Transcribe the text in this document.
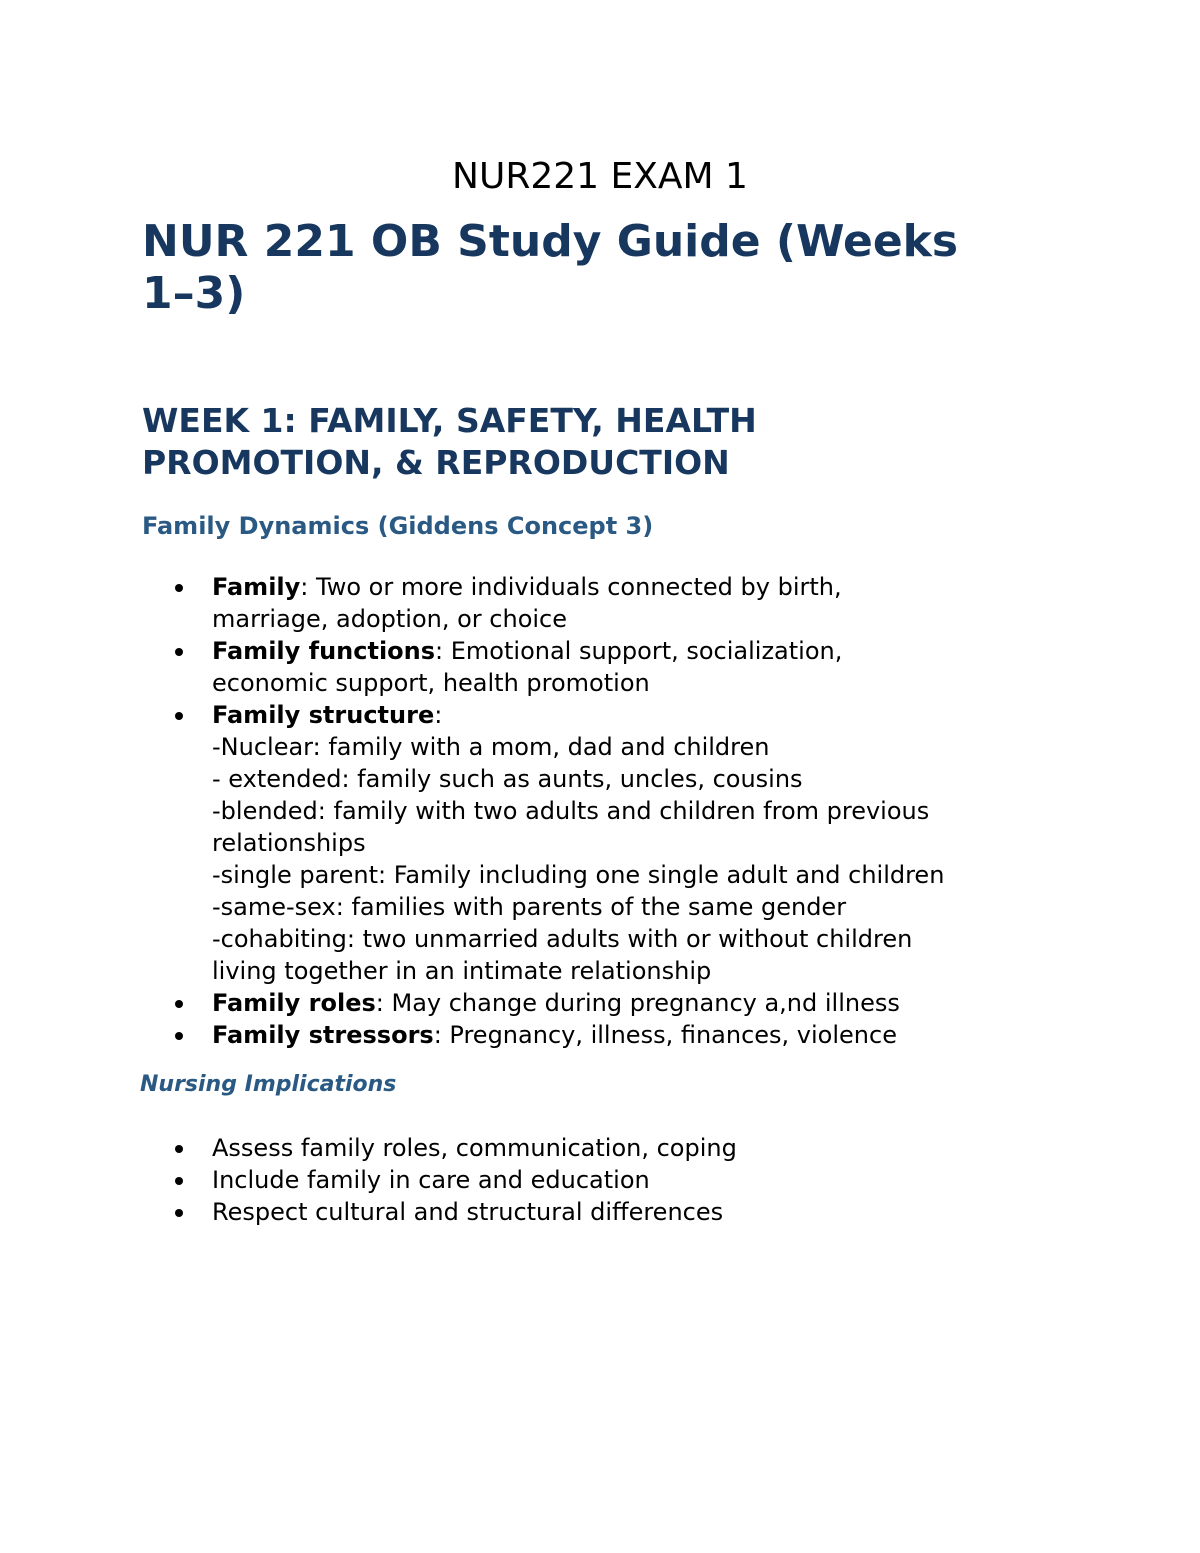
NUR221 EXAM 1
NUR 221 OB Study Guide (Weeks
1–3)
WEEK 1: FAMILY, SAFETY, HEALTH
PROMOTION, & REPRODUCTION
Family Dynamics (Giddens Concept 3)
Family: Two or more individuals connected by birth,
marriage, adoption, or choice
Family functions: Emotional support, socialization,
economic support, health promotion
Family structure:
-Nuclear: family with a mom, dad and children
- extended: family such as aunts, uncles, cousins
-blended: family with two adults and children from previous
relationships
-single parent: Family including one single adult and children
-same-sex: families with parents of the same gender
-cohabiting: two unmarried adults with or without children
living together in an intimate relationship
Family roles: May change during pregnancy a,nd illness
Family stressors: Pregnancy, illness, finances, violence
Nursing Implications
Assess family roles, communication, coping
Include family in care and education
Respect cultural and structural differences
